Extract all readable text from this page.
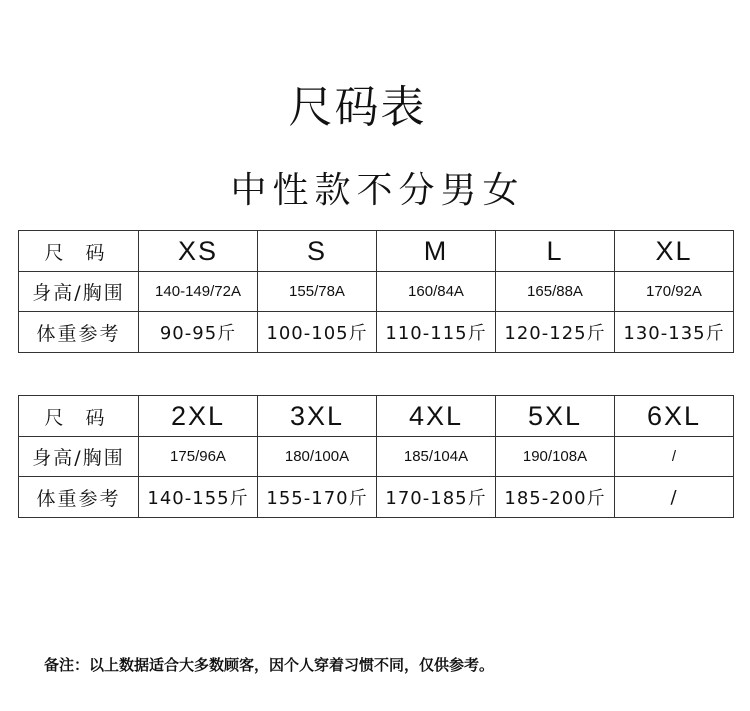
尺码表
中性款不分男女
尺 码	XS	S	M	L	XL
身高/胸围	140-149/72A	155/78A	160/84A	165/88A	170/92A
体重参考	90-95斤	100-105斤	110-115斤	120-125斤	130-135斤
尺 码	2XL	3XL	4XL	5XL	6XL
身高/胸围	175/96A	180/100A	185/104A	190/108A	/
体重参考	140-155斤	155-170斤	170-185斤	185-200斤	/
备注：以上数据适合大多数顾客，因个人穿着习惯不同，仅供参考。
